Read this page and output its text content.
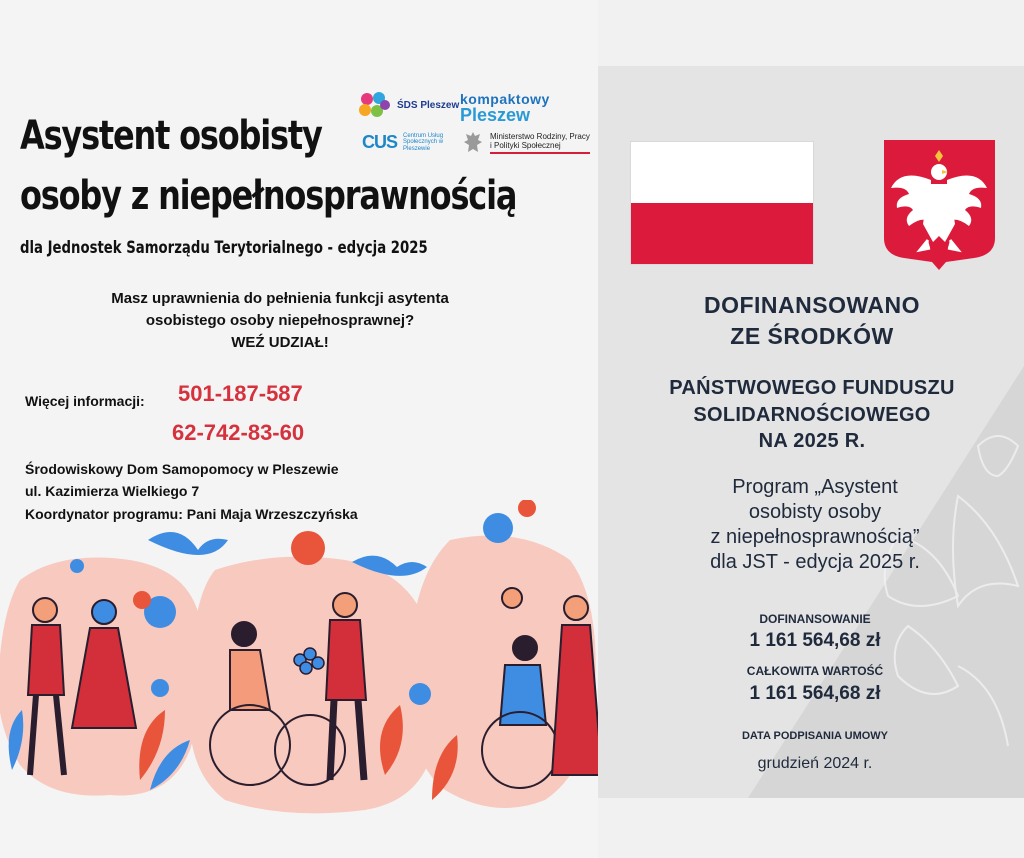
Asystent osobisty
osoby z niepełnosprawnością
dla Jednostek Samorządu Terytorialnego - edycja 2025
ŚDS Pleszew kompaktowy
Pleszew
CUS Centrum Usług Społecznych w Pleszewie
Ministerstwo Rodziny, Pracy i Polityki Społecznej
Masz uprawnienia do pełnienia funkcji asytenta
osobistego osoby niepełnosprawnej?
WEŹ UDZIAŁ!
Więcej informacji: 501-187-587
62-742-83-60
Środowiskowy Dom Samopomocy w Pleszewie
ul. Kazimierza Wielkiego 7
Koordynator programu: Pani Maja Wrzeszczyńska
DOFINANSOWANO
ZE ŚRODKÓW
PAŃSTWOWEGO FUNDUSZU
SOLIDARNOŚCIOWEGO
NA 2025 R.
Program „Asystent
osobisty osoby
z niepełnosprawnością”
dla JST - edycja 2025 r.
DOFINANSOWANIE
1 161 564,68 zł
CAŁKOWITA WARTOŚĆ
1 161 564,68 zł
DATA PODPISANIA UMOWY
grudzień 2024 r.
